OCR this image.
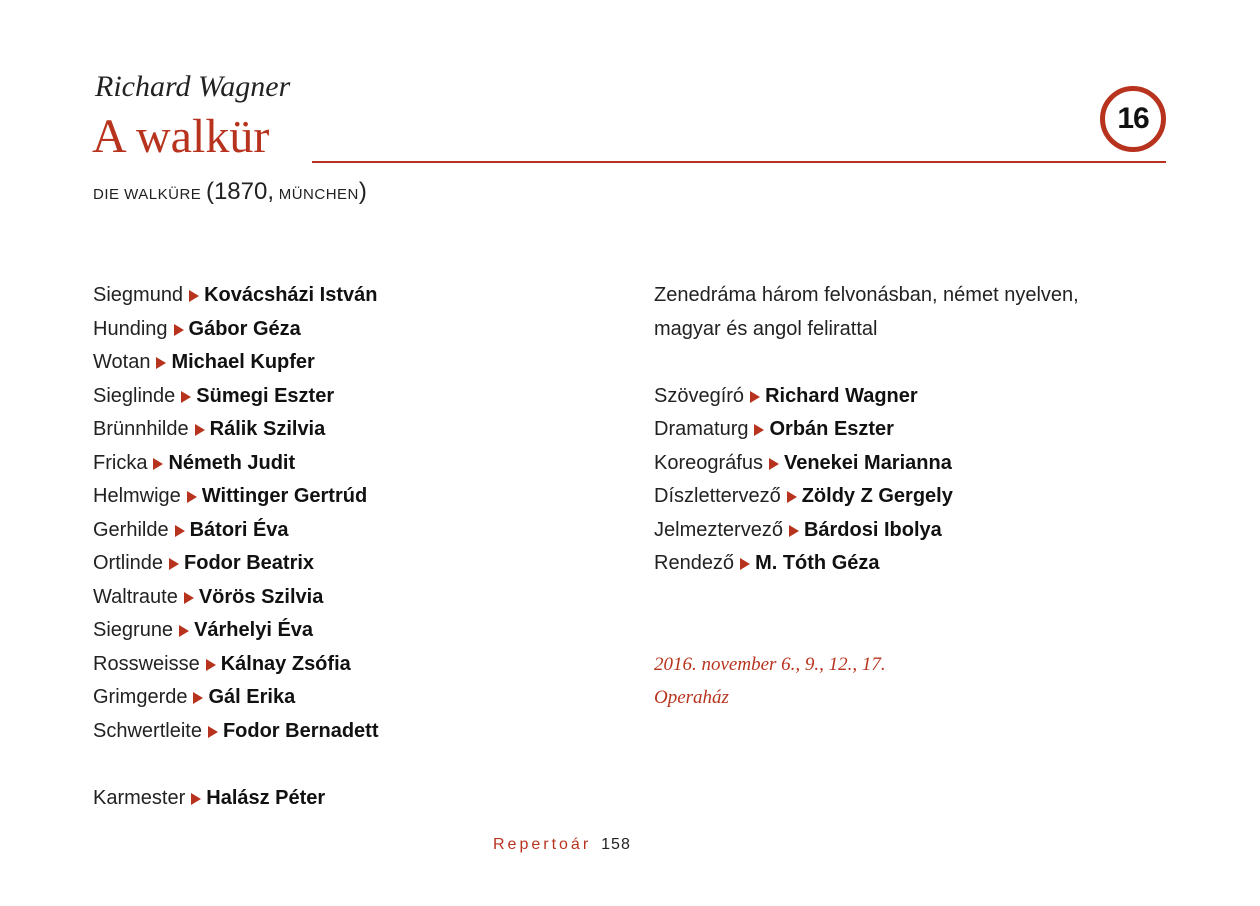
Richard Wagner
A walkür	16
DIE WALKÜRE (1870, MÜNCHEN)
Siegmund Kovácsházi István
Hunding Gábor Géza
Wotan Michael Kupfer
Sieglinde Sümegi Eszter
Brünnhilde Rálik Szilvia
Fricka Németh Judit
Helmwige Wittinger Gertrúd
Gerhilde Bátori Éva
Ortlinde Fodor Beatrix
Waltraute Vörös Szilvia
Siegrune Várhelyi Éva
Rossweisse Kálnay Zsófia
Grimgerde Gál Erika
Schwertleite Fodor Bernadett
Karmester Halász Péter
Zenedráma három felvonásban, német nyelven,
magyar és angol felirattal
Szövegíró Richard Wagner
Dramaturg Orbán Eszter
Koreográfus Venekei Marianna
Díszlettervező Zöldy Z Gergely
Jelmeztervező Bárdosi Ibolya
Rendező M. Tóth Géza
2016. november 6., 9., 12., 17.
Operaház
Repertoár 158
